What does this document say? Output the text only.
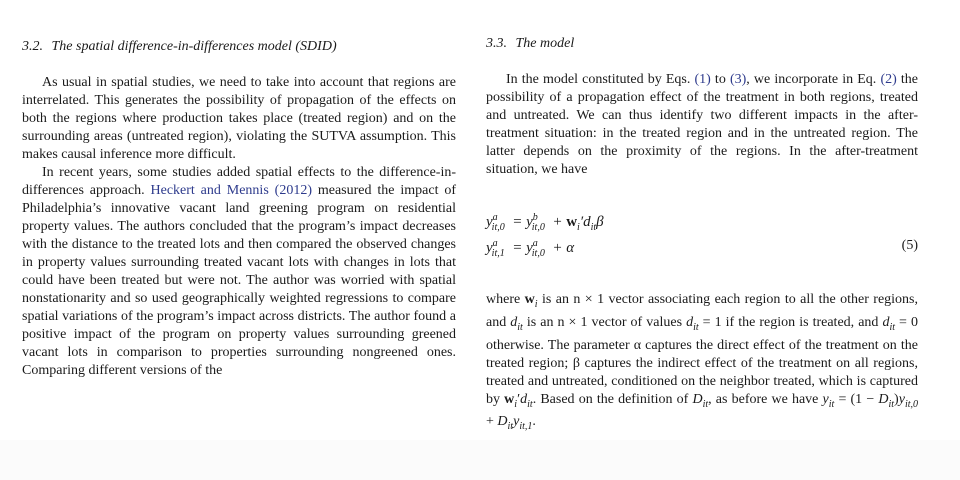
3.2. The spatial difference-in-differences model (SDID)

As usual in spatial studies, we need to take into account that regions are interrelated. This generates the possibility of propagation of the effects on both the regions where production takes place (treated region) and on the surrounding areas (untreated region), violating the SUTVA assumption. This makes causal inference more difficult.

In recent years, some studies added spatial effects to the difference-in-differences approach. Heckert and Mennis (2012) measured the impact of Philadelphia’s innovative vacant land greening program on residential property values. The authors concluded that the program’s impact decreases with the distance to the treated lots and then compared the observed changes in property values surrounding treated vacant lots with changes in lots that could have been treated but were not. The author was worried with spatial nonstationarity and so used geographically weighted regressions to compare spatial variations of the program’s impact across districts. The author found a positive impact of the program on property values surrounding greened vacant lots in comparison to properties surrounding nongreened ones. Comparing different versions of the

3.3. The model

In the model constituted by Eqs. (1) to (3), we incorporate in Eq. (2) the possibility of a propagation effect of the treatment in both regions, treated and untreated. We can thus identify two different impacts in the after-treatment situation: in the treated region and in the untreated region. The latter depends on the proximity of the regions. In the after-treatment situation, we have

$y^a_{it,0} = y^b_{it,0} + w_i'd_{it}\beta$
$y^a_{it,1} = y^a_{it,0} + \alpha$	(5)

where $w_i$ is an n × 1 vector associating each region to all the other regions, and $d_{it}$ is an n × 1 vector of values $d_{it} = 1$ if the region is treated, and $d_{it} = 0$ otherwise. The parameter α captures the direct effect of the treatment on the treated region; β captures the indirect effect of the treatment on all regions, treated and untreated, conditioned on the neighbor treated, which is captured by $w_i'd_{it}$. Based on the definition of $D_{it}$, as before we have $y_{it} = (1 - D_{it})y_{it,0} + D_{it}y_{it,1}$.
